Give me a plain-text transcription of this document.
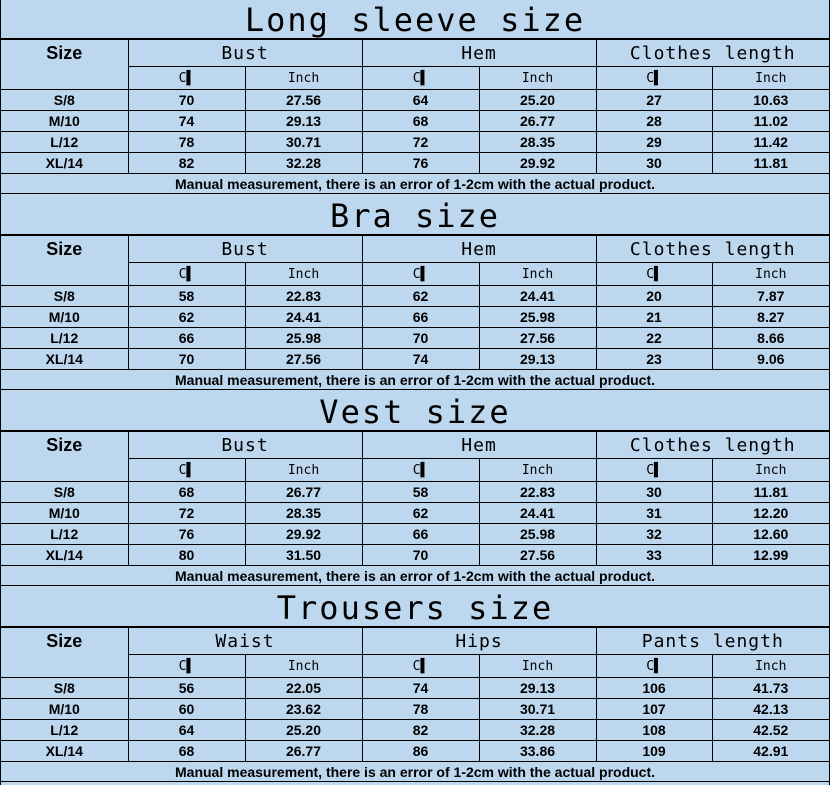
Long sleeve size
Size	Bust		Hem		Clothes length	
	C▌	Inch	C▌	Inch	C▌	Inch
S/8	70	27.56	64	25.20	27	10.63
M/10	74	29.13	68	26.77	28	11.02
L/12	78	30.71	72	28.35	29	11.42
XL/14	82	32.28	76	29.92	30	11.81
Manual measurement, there is an error of 1-2cm with the actual product.						
Bra size
Size	Bust		Hem		Clothes length	
	C▌	Inch	C▌	Inch	C▌	Inch
S/8	58	22.83	62	24.41	20	7.87
M/10	62	24.41	66	25.98	21	8.27
L/12	66	25.98	70	27.56	22	8.66
XL/14	70	27.56	74	29.13	23	9.06
Manual measurement, there is an error of 1-2cm with the actual product.						
Vest size
Size	Bust		Hem		Clothes length	
	C▌	Inch	C▌	Inch	C▌	Inch
S/8	68	26.77	58	22.83	30	11.81
M/10	72	28.35	62	24.41	31	12.20
L/12	76	29.92	66	25.98	32	12.60
XL/14	80	31.50	70	27.56	33	12.99
Manual measurement, there is an error of 1-2cm with the actual product.						
Trousers size
Size	Waist		Hips		Pants length	
	C▌	Inch	C▌	Inch	C▌	Inch
S/8	56	22.05	74	29.13	106	41.73
M/10	60	23.62	78	30.71	107	42.13
L/12	64	25.20	82	32.28	108	42.52
XL/14	68	26.77	86	33.86	109	42.91
Manual measurement, there is an error of 1-2cm with the actual product.						
